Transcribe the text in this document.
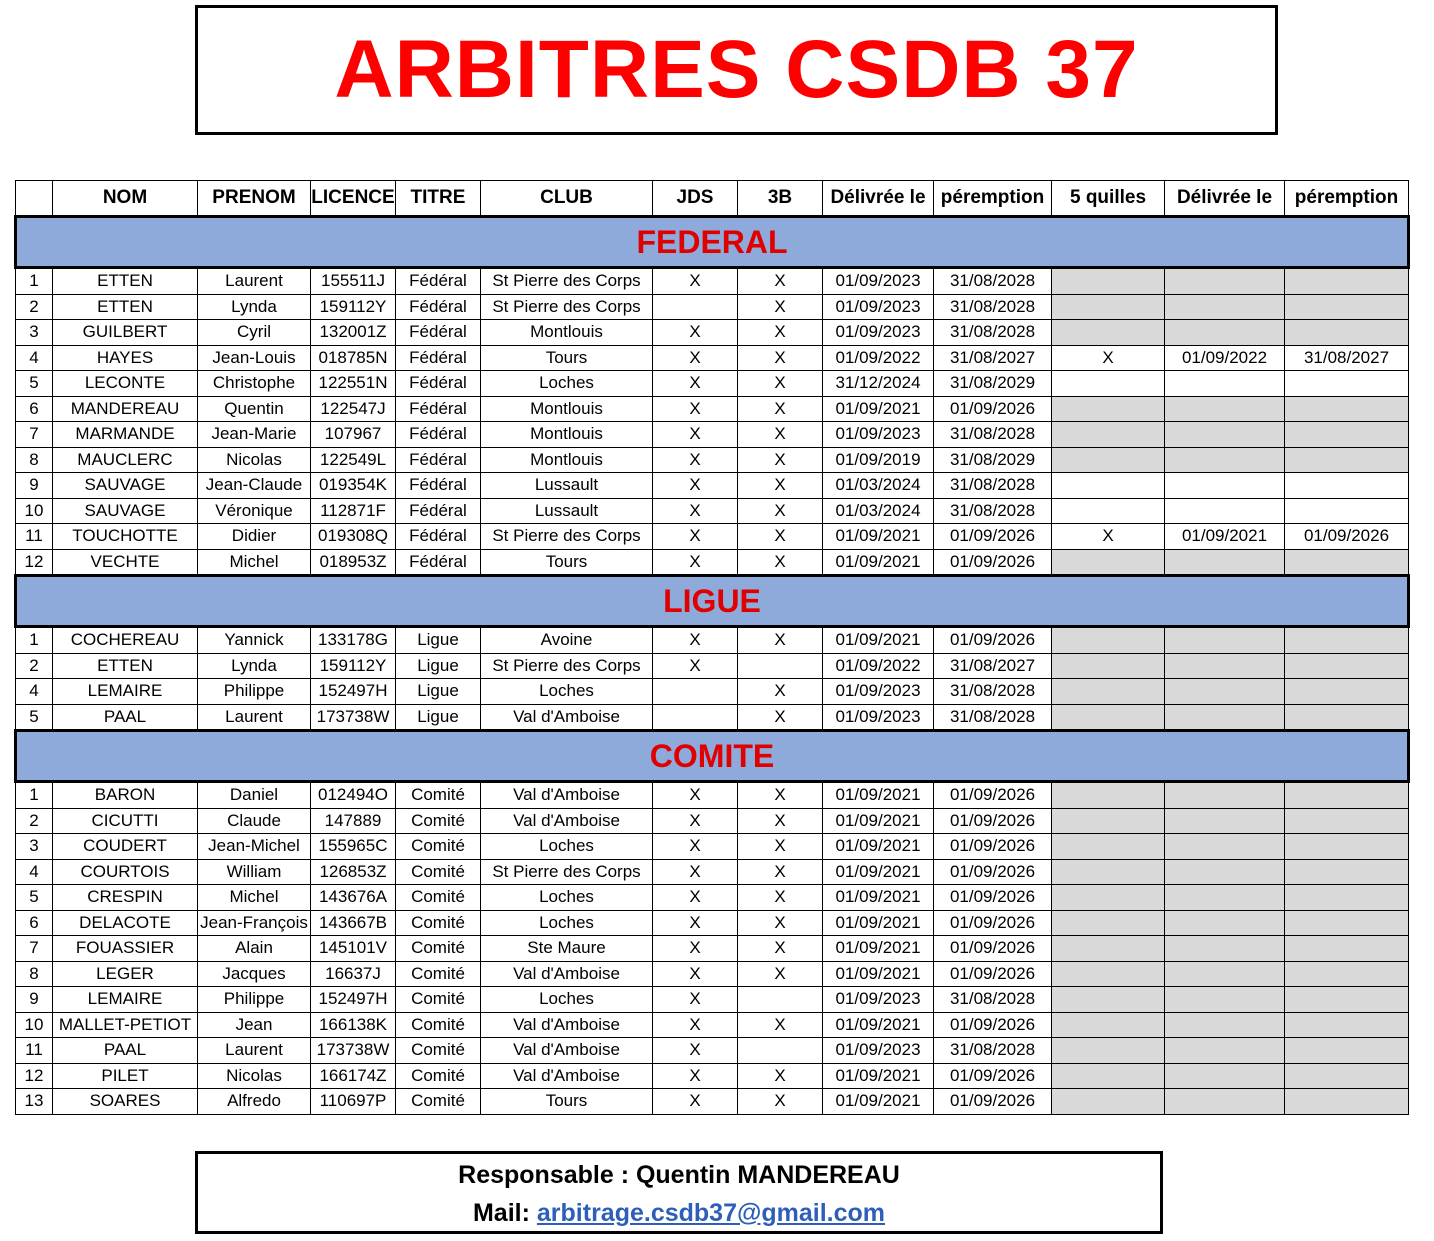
ARBITRES CSDB 37
	NOM	PRENOM	LICENCE	TITRE	CLUB	JDS	3B	Délivrée le	péremption	5 quilles	Délivrée le	péremption
FEDERAL												
1	ETTEN	Laurent	155511J	Fédéral	St Pierre des Corps	X	X	01/09/2023	31/08/2028			
2	ETTEN	Lynda	159112Y	Fédéral	St Pierre des Corps		X	01/09/2023	31/08/2028			
3	GUILBERT	Cyril	132001Z	Fédéral	Montlouis	X	X	01/09/2023	31/08/2028			
4	HAYES	Jean-Louis	018785N	Fédéral	Tours	X	X	01/09/2022	31/08/2027	X	01/09/2022	31/08/2027
5	LECONTE	Christophe	122551N	Fédéral	Loches	X	X	31/12/2024	31/08/2029			
6	MANDEREAU	Quentin	122547J	Fédéral	Montlouis	X	X	01/09/2021	01/09/2026			
7	MARMANDE	Jean-Marie	107967	Fédéral	Montlouis	X	X	01/09/2023	31/08/2028			
8	MAUCLERC	Nicolas	122549L	Fédéral	Montlouis	X	X	01/09/2019	31/08/2029			
9	SAUVAGE	Jean-Claude	019354K	Fédéral	Lussault	X	X	01/03/2024	31/08/2028			
10	SAUVAGE	Véronique	112871F	Fédéral	Lussault	X	X	01/03/2024	31/08/2028			
11	TOUCHOTTE	Didier	019308Q	Fédéral	St Pierre des Corps	X	X	01/09/2021	01/09/2026	X	01/09/2021	01/09/2026
12	VECHTE	Michel	018953Z	Fédéral	Tours	X	X	01/09/2021	01/09/2026			
LIGUE												
1	COCHEREAU	Yannick	133178G	Ligue	Avoine	X	X	01/09/2021	01/09/2026			
2	ETTEN	Lynda	159112Y	Ligue	St Pierre des Corps	X		01/09/2022	31/08/2027			
4	LEMAIRE	Philippe	152497H	Ligue	Loches		X	01/09/2023	31/08/2028			
5	PAAL	Laurent	173738W	Ligue	Val d'Amboise		X	01/09/2023	31/08/2028			
COMITE												
1	BARON	Daniel	012494O	Comité	Val d'Amboise	X	X	01/09/2021	01/09/2026			
2	CICUTTI	Claude	147889	Comité	Val d'Amboise	X	X	01/09/2021	01/09/2026			
3	COUDERT	Jean-Michel	155965C	Comité	Loches	X	X	01/09/2021	01/09/2026			
4	COURTOIS	William	126853Z	Comité	St Pierre des Corps	X	X	01/09/2021	01/09/2026			
5	CRESPIN	Michel	143676A	Comité	Loches	X	X	01/09/2021	01/09/2026			
6	DELACOTE	Jean-François	143667B	Comité	Loches	X	X	01/09/2021	01/09/2026			
7	FOUASSIER	Alain	145101V	Comité	Ste Maure	X	X	01/09/2021	01/09/2026			
8	LEGER	Jacques	16637J	Comité	Val d'Amboise	X	X	01/09/2021	01/09/2026			
9	LEMAIRE	Philippe	152497H	Comité	Loches	X		01/09/2023	31/08/2028			
10	MALLET-PETIOT	Jean	166138K	Comité	Val d'Amboise	X	X	01/09/2021	01/09/2026			
11	PAAL	Laurent	173738W	Comité	Val d'Amboise	X		01/09/2023	31/08/2028			
12	PILET	Nicolas	166174Z	Comité	Val d'Amboise	X	X	01/09/2021	01/09/2026			
13	SOARES	Alfredo	110697P	Comité	Tours	X	X	01/09/2021	01/09/2026			
Responsable : Quentin MANDEREAU
Mail: arbitrage.csdb37@gmail.com
